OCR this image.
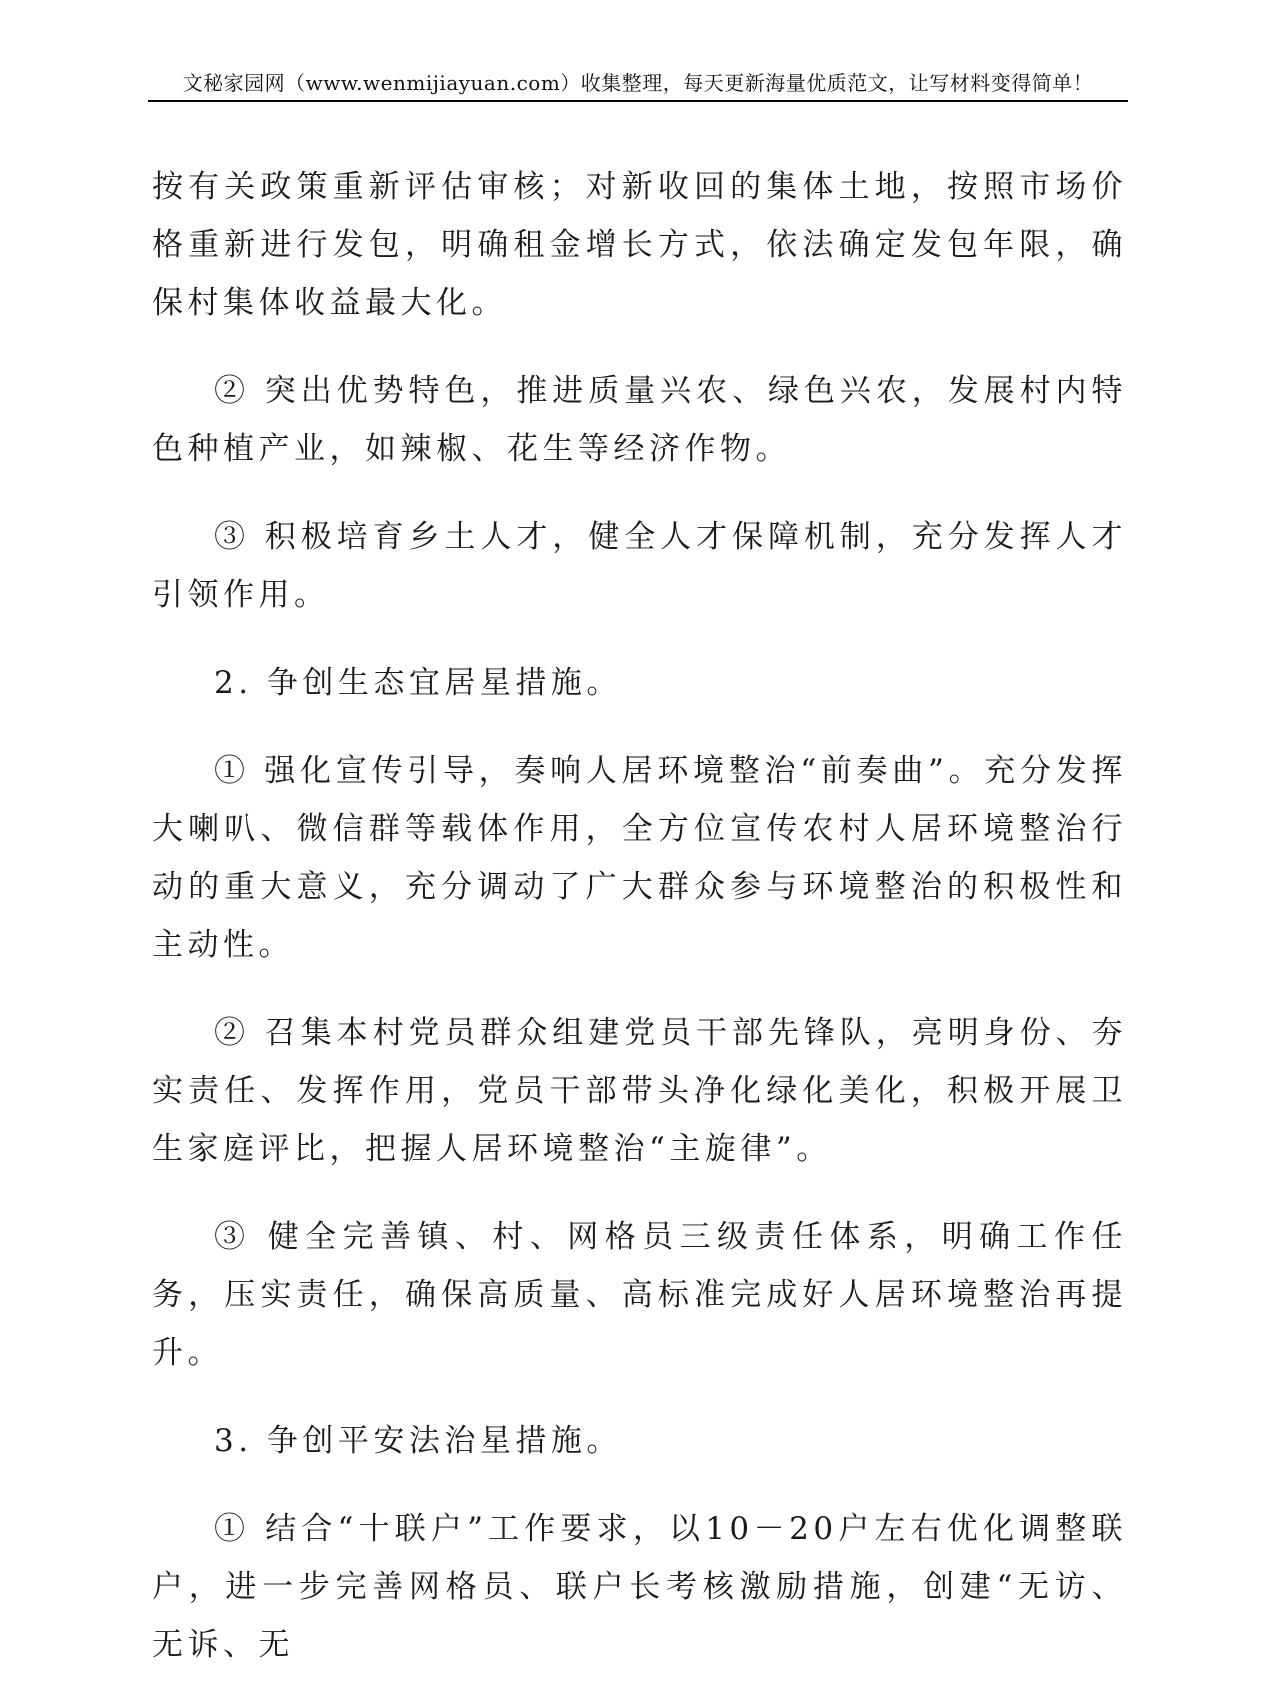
文秘家园网（www.wenmijiayuan.com）收集整理，每天更新海量优质范文，让写材料变得简单！

按有关政策重新评估审核；对新收回的集体土地，按照市场价格重新进行发包，明确租金增长方式，依法确定发包年限，确保村集体收益最大化。

② 突出优势特色，推进质量兴农、绿色兴农，发展村内特色种植产业，如辣椒、花生等经济作物。

③ 积极培育乡土人才，健全人才保障机制，充分发挥人才引领作用。

2. 争创生态宜居星措施。

① 强化宣传引导，奏响人居环境整治“前奏曲”。充分发挥大喇叭、微信群等载体作用，全方位宣传农村人居环境整治行动的重大意义，充分调动了广大群众参与环境整治的积极性和主动性。

② 召集本村党员群众组建党员干部先锋队，亮明身份、夯实责任、发挥作用，党员干部带头净化绿化美化，积极开展卫生家庭评比，把握人居环境整治“主旋律”。

③ 健全完善镇、村、网格员三级责任体系，明确工作任务，压实责任，确保高质量、高标准完成好人居环境整治再提升。

3. 争创平安法治星措施。

① 结合“十联户”工作要求，以10－20户左右优化调整联户，进一步完善网格员、联户长考核激励措施，创建“无访、无诉、无
